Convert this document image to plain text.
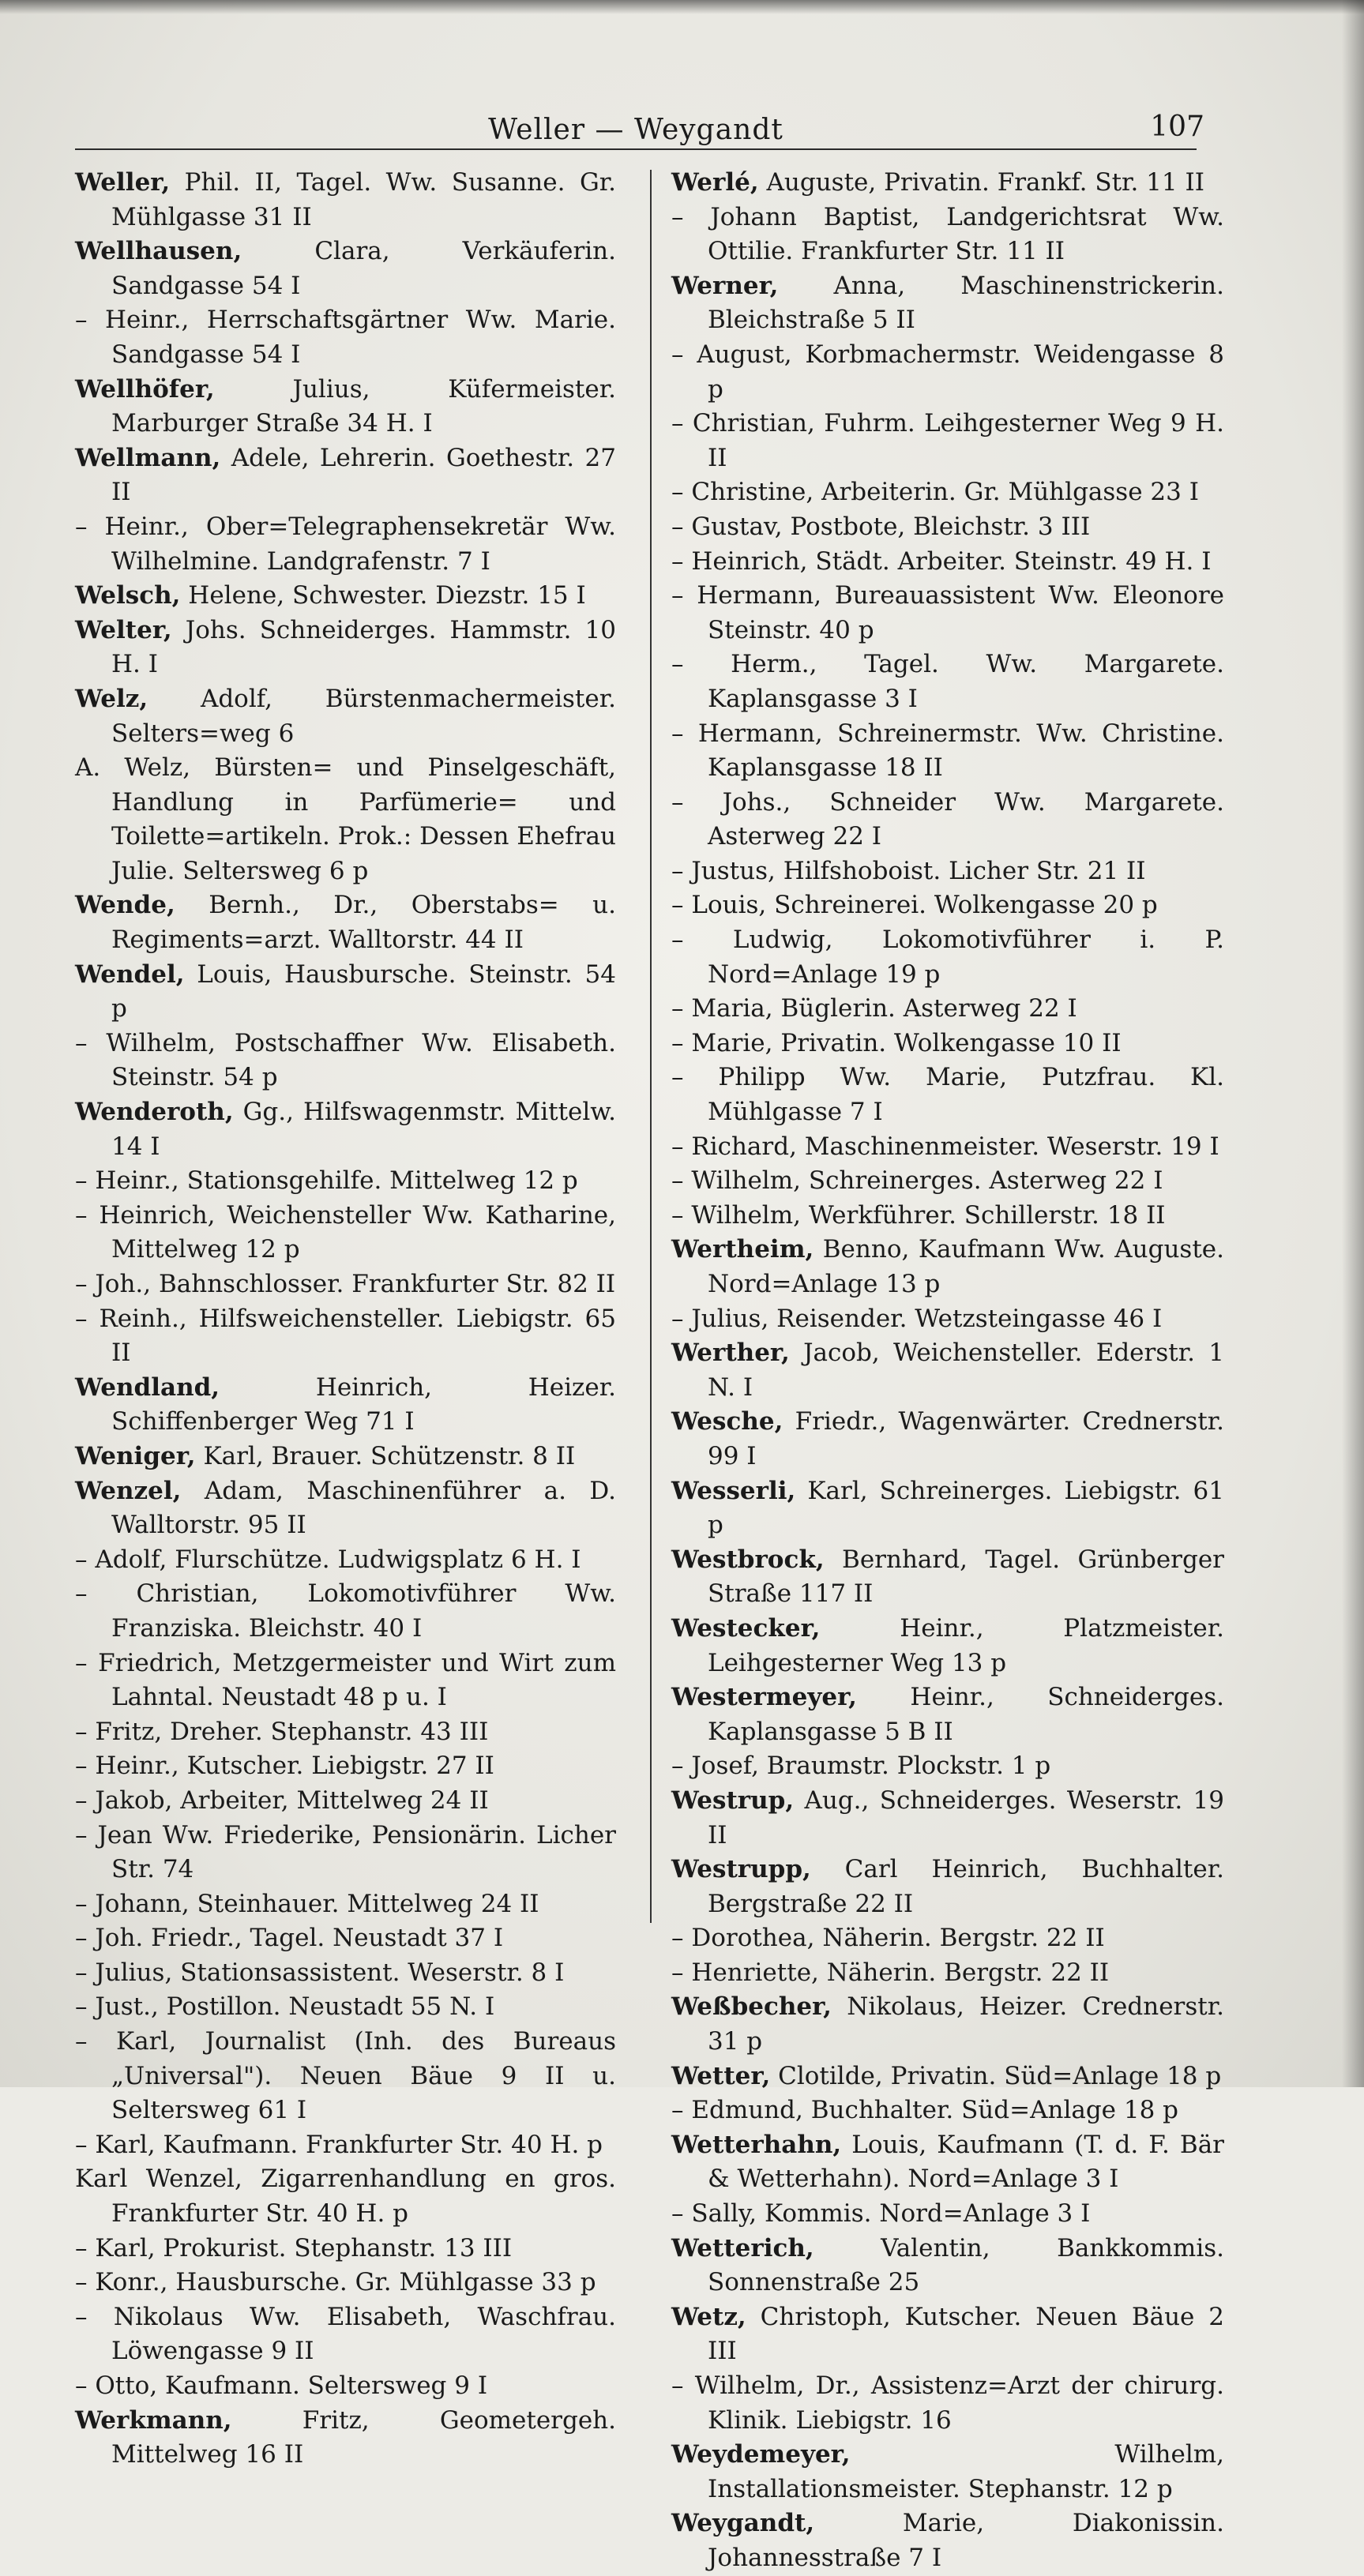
Weller — Weygandt	107

Weller, Phil. II, Tagel. Ww. Susanne. Gr. Mühlgasse 31 II

Wellhausen, Clara, Verkäuferin. Sandgasse 54 I

– Heinr., Herrschaftsgärtner Ww. Marie. Sandgasse 54 I

Wellhöfer, Julius, Küfermeister. Marburger Straße 34 H. I

Wellmann, Adele, Lehrerin. Goethestr. 27 II

– Heinr., Ober=Telegraphensekretär Ww. Wilhelmine. Landgrafenstr. 7 I

Welsch, Helene, Schwester. Diezstr. 15 I

Welter, Johs. Schneiderges. Hammstr. 10 H. I

Welz, Adolf, Bürstenmachermeister. Selters=weg 6

A. Welz, Bürsten= und Pinselgeschäft, Handlung in Parfümerie= und Toilette=artikeln. Prok.: Dessen Ehefrau Julie. Seltersweg 6 p

Wende, Bernh., Dr., Oberstabs= u. Regiments=arzt. Walltorstr. 44 II

Wendel, Louis, Hausbursche. Steinstr. 54 p

– Wilhelm, Postschaffner Ww. Elisabeth. Steinstr. 54 p

Wenderoth, Gg., Hilfswagenmstr. Mittelw. 14 I

– Heinr., Stationsgehilfe. Mittelweg 12 p

– Heinrich, Weichensteller Ww. Katharine, Mittelweg 12 p

– Joh., Bahnschlosser. Frankfurter Str. 82 II

– Reinh., Hilfsweichensteller. Liebigstr. 65 II

Wendland, Heinrich, Heizer. Schiffenberger Weg 71 I

Weniger, Karl, Brauer. Schützenstr. 8 II

Wenzel, Adam, Maschinenführer a. D. Walltorstr. 95 II

– Adolf, Flurschütze. Ludwigsplatz 6 H. I

– Christian, Lokomotivführer Ww. Franziska. Bleichstr. 40 I

– Friedrich, Metzgermeister und Wirt zum Lahntal. Neustadt 48 p u. I

– Fritz, Dreher. Stephanstr. 43 III

– Heinr., Kutscher. Liebigstr. 27 II

– Jakob, Arbeiter, Mittelweg 24 II

– Jean Ww. Friederike, Pensionärin. Licher Str. 74

– Johann, Steinhauer. Mittelweg 24 II

– Joh. Friedr., Tagel. Neustadt 37 I

– Julius, Stationsassistent. Weserstr. 8 I

– Just., Postillon. Neustadt 55 N. I

– Karl, Journalist (Inh. des Bureaus „Universal"). Neuen Bäue 9 II u. Seltersweg 61 I

– Karl, Kaufmann. Frankfurter Str. 40 H. p

Karl Wenzel, Zigarrenhandlung en gros. Frankfurter Str. 40 H. p

– Karl, Prokurist. Stephanstr. 13 III

– Konr., Hausbursche. Gr. Mühlgasse 33 p

– Nikolaus Ww. Elisabeth, Waschfrau. Löwengasse 9 II

– Otto, Kaufmann. Seltersweg 9 I

Werkmann, Fritz, Geometergeh. Mittelweg 16 II

Werlé, Auguste, Privatin. Frankf. Str. 11 II

– Johann Baptist, Landgerichtsrat Ww. Ottilie. Frankfurter Str. 11 II

Werner, Anna, Maschinenstrickerin. Bleichstraße 5 II

– August, Korbmachermstr. Weidengasse 8 p

– Christian, Fuhrm. Leihgesterner Weg 9 H. II

– Christine, Arbeiterin. Gr. Mühlgasse 23 I

– Gustav, Postbote, Bleichstr. 3 III

– Heinrich, Städt. Arbeiter. Steinstr. 49 H. I

– Hermann, Bureauassistent Ww. Eleonore Steinstr. 40 p

– Herm., Tagel. Ww. Margarete. Kaplansgasse 3 I

– Hermann, Schreinermstr. Ww. Christine. Kaplansgasse 18 II

– Johs., Schneider Ww. Margarete. Asterweg 22 I

– Justus, Hilfshoboist. Licher Str. 21 II

– Louis, Schreinerei. Wolkengasse 20 p

– Ludwig, Lokomotivführer i. P. Nord=Anlage 19 p

– Maria, Büglerin. Asterweg 22 I

– Marie, Privatin. Wolkengasse 10 II

– Philipp Ww. Marie, Putzfrau. Kl. Mühlgasse 7 I

– Richard, Maschinenmeister. Weserstr. 19 I

– Wilhelm, Schreinerges. Asterweg 22 I

– Wilhelm, Werkführer. Schillerstr. 18 II

Wertheim, Benno, Kaufmann Ww. Auguste. Nord=Anlage 13 p

– Julius, Reisender. Wetzsteingasse 46 I

Werther, Jacob, Weichensteller. Ederstr. 1 N. I

Wesche, Friedr., Wagenwärter. Crednerstr. 99 I

Wesserli, Karl, Schreinerges. Liebigstr. 61 p

Westbrock, Bernhard, Tagel. Grünberger Straße 117 II

Westecker, Heinr., Platzmeister. Leihgesterner Weg 13 p

Westermeyer, Heinr., Schneiderges. Kaplansgasse 5 B II

– Josef, Braumstr. Plockstr. 1 p

Westrup, Aug., Schneiderges. Weserstr. 19 II

Westrupp, Carl Heinrich, Buchhalter. Bergstraße 22 II

– Dorothea, Näherin. Bergstr. 22 II

– Henriette, Näherin. Bergstr. 22 II

Weßbecher, Nikolaus, Heizer. Crednerstr. 31 p

Wetter, Clotilde, Privatin. Süd=Anlage 18 p

– Edmund, Buchhalter. Süd=Anlage 18 p

Wetterhahn, Louis, Kaufmann (T. d. F. Bär & Wetterhahn). Nord=Anlage 3 I

– Sally, Kommis. Nord=Anlage 3 I

Wetterich, Valentin, Bankkommis. Sonnenstraße 25

Wetz, Christoph, Kutscher. Neuen Bäue 2 III

– Wilhelm, Dr., Assistenz=Arzt der chirurg. Klinik. Liebigstr. 16

Weydemeyer, Wilhelm, Installationsmeister. Stephanstr. 12 p

Weygandt, Marie, Diakonissin. Johannesstraße 7 I
